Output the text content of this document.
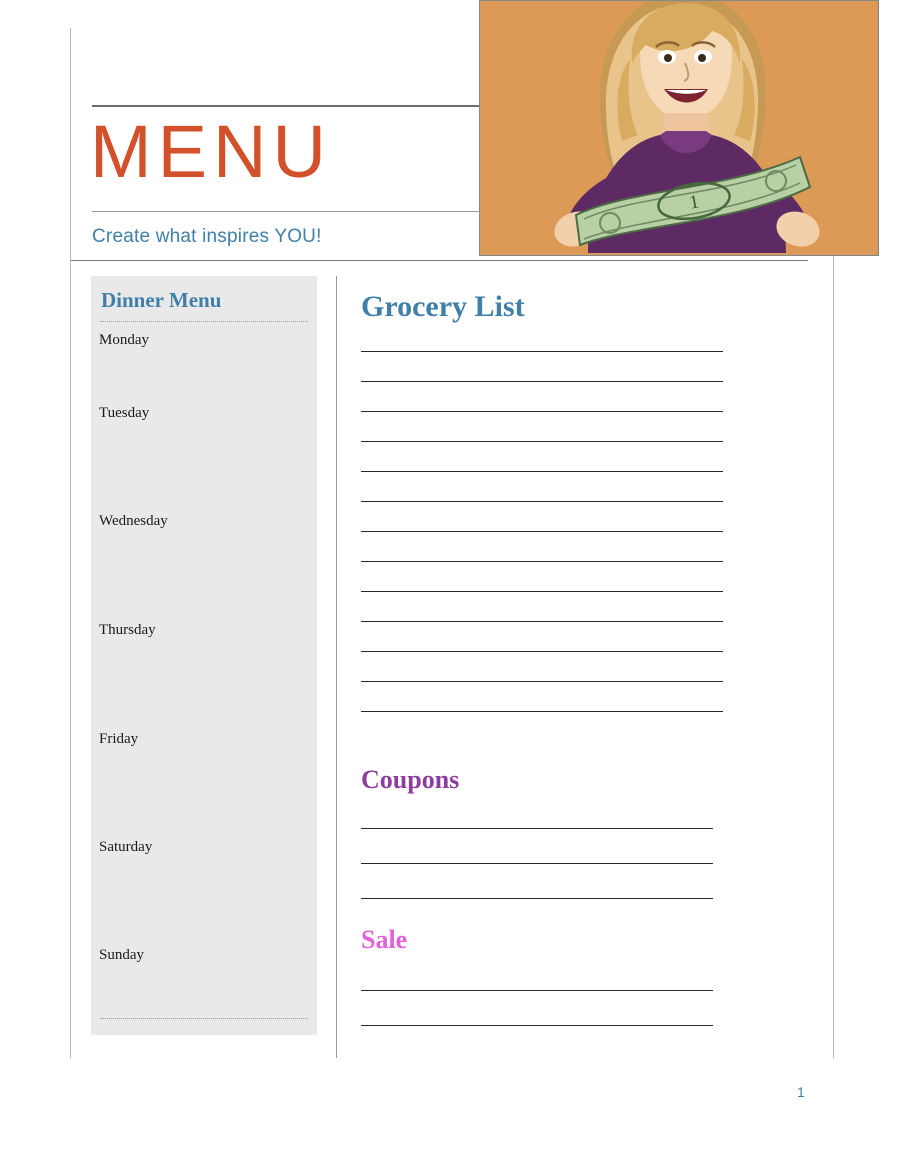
MENU
Create what inspires YOU!
1
Dinner Menu
Monday
Tuesday
Wednesday
Thursday
Friday
Saturday
Sunday
Grocery List
Coupons
Sale
1
